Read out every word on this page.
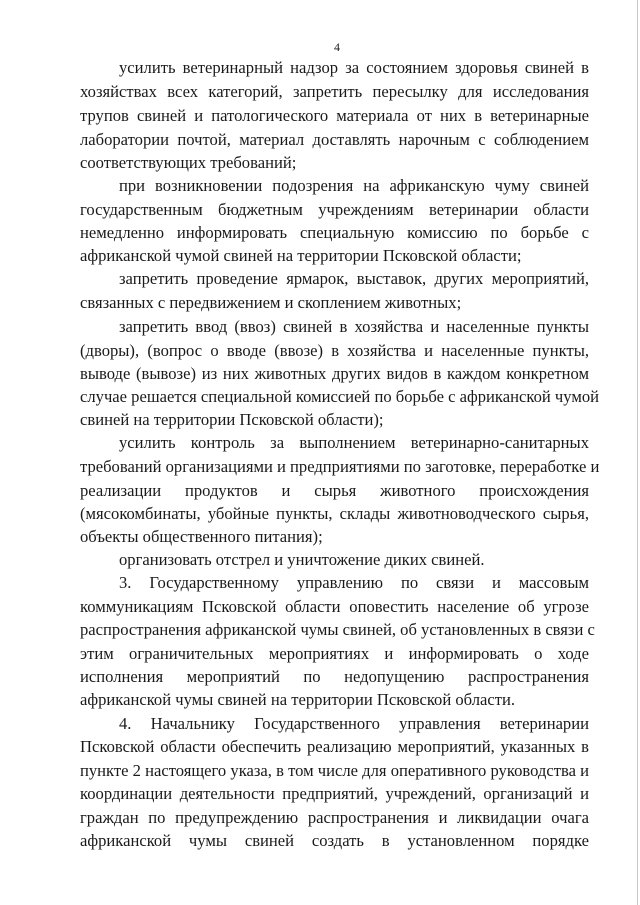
4
усилить ветеринарный надзор за состоянием здоровья свиней в
хозяйствах всех категорий, запретить пересылку для исследования
трупов свиней и патологического материала от них в ветеринарные
лаборатории почтой, материал доставлять нарочным с соблюдением
соответствующих требований;
при возникновении подозрения на африканскую чуму свиней
государственным бюджетным учреждениям ветеринарии области
немедленно информировать специальную комиссию по борьбе с
африканской чумой свиней на территории Псковской области;
запретить проведение ярмарок, выставок, других мероприятий,
связанных с передвижением и скоплением животных;
запретить ввод (ввоз) свиней в хозяйства и населенные пункты
(дворы), (вопрос о вводе (ввозе) в хозяйства и населенные пункты,
выводе (вывозе) из них животных других видов в каждом конкретном
случае решается специальной комиссией по борьбе с африканской чумой
свиней на территории Псковской области);
усилить контроль за выполнением ветеринарно-санитарных
требований организациями и предприятиями по заготовке, переработке и
реализации продуктов и сырья животного происхождения
(мясокомбинаты, убойные пункты, склады животноводческого сырья,
объекты общественного питания);
организовать отстрел и уничтожение диких свиней.
3. Государственному управлению по связи и массовым
коммуникациям Псковской области оповестить население об угрозе
распространения африканской чумы свиней, об установленных в связи с
этим ограничительных мероприятиях и информировать о ходе
исполнения мероприятий по недопущению распространения
африканской чумы свиней на территории Псковской области.
4. Начальнику Государственного управления ветеринарии
Псковской области обеспечить реализацию мероприятий, указанных в
пункте 2 настоящего указа, в том числе для оперативного руководства и
координации деятельности предприятий, учреждений, организаций и
граждан по предупреждению распространения и ликвидации очага
африканской чумы свиней создать в установленном порядке
